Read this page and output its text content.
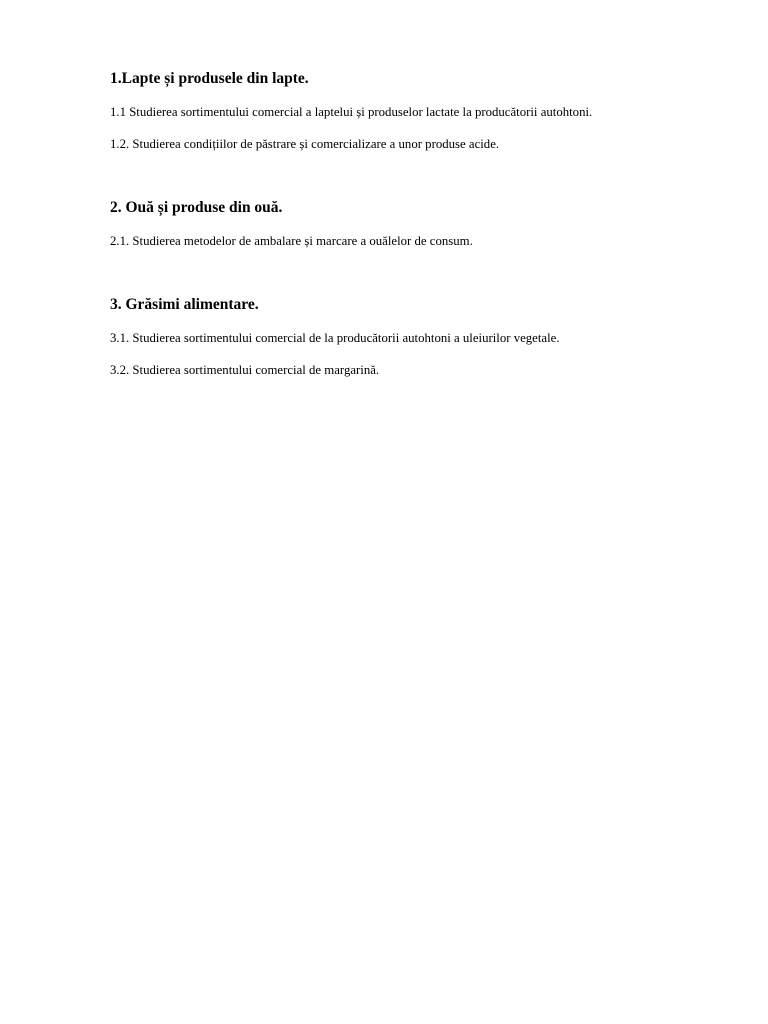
1.Lapte și produsele din lapte.

1.1 Studierea sortimentului comercial a laptelui și produselor lactate la producătorii autohtoni.

1.2. Studierea condițiilor de păstrare și comercializare a unor produse acide.

2. Ouă și produse din ouă.

2.1. Studierea metodelor de ambalare și marcare a ouălelor de consum.

3. Grăsimi alimentare.

3.1. Studierea sortimentului comercial de la producătorii autohtoni a uleiurilor vegetale.

3.2. Studierea sortimentului comercial de margarină.
